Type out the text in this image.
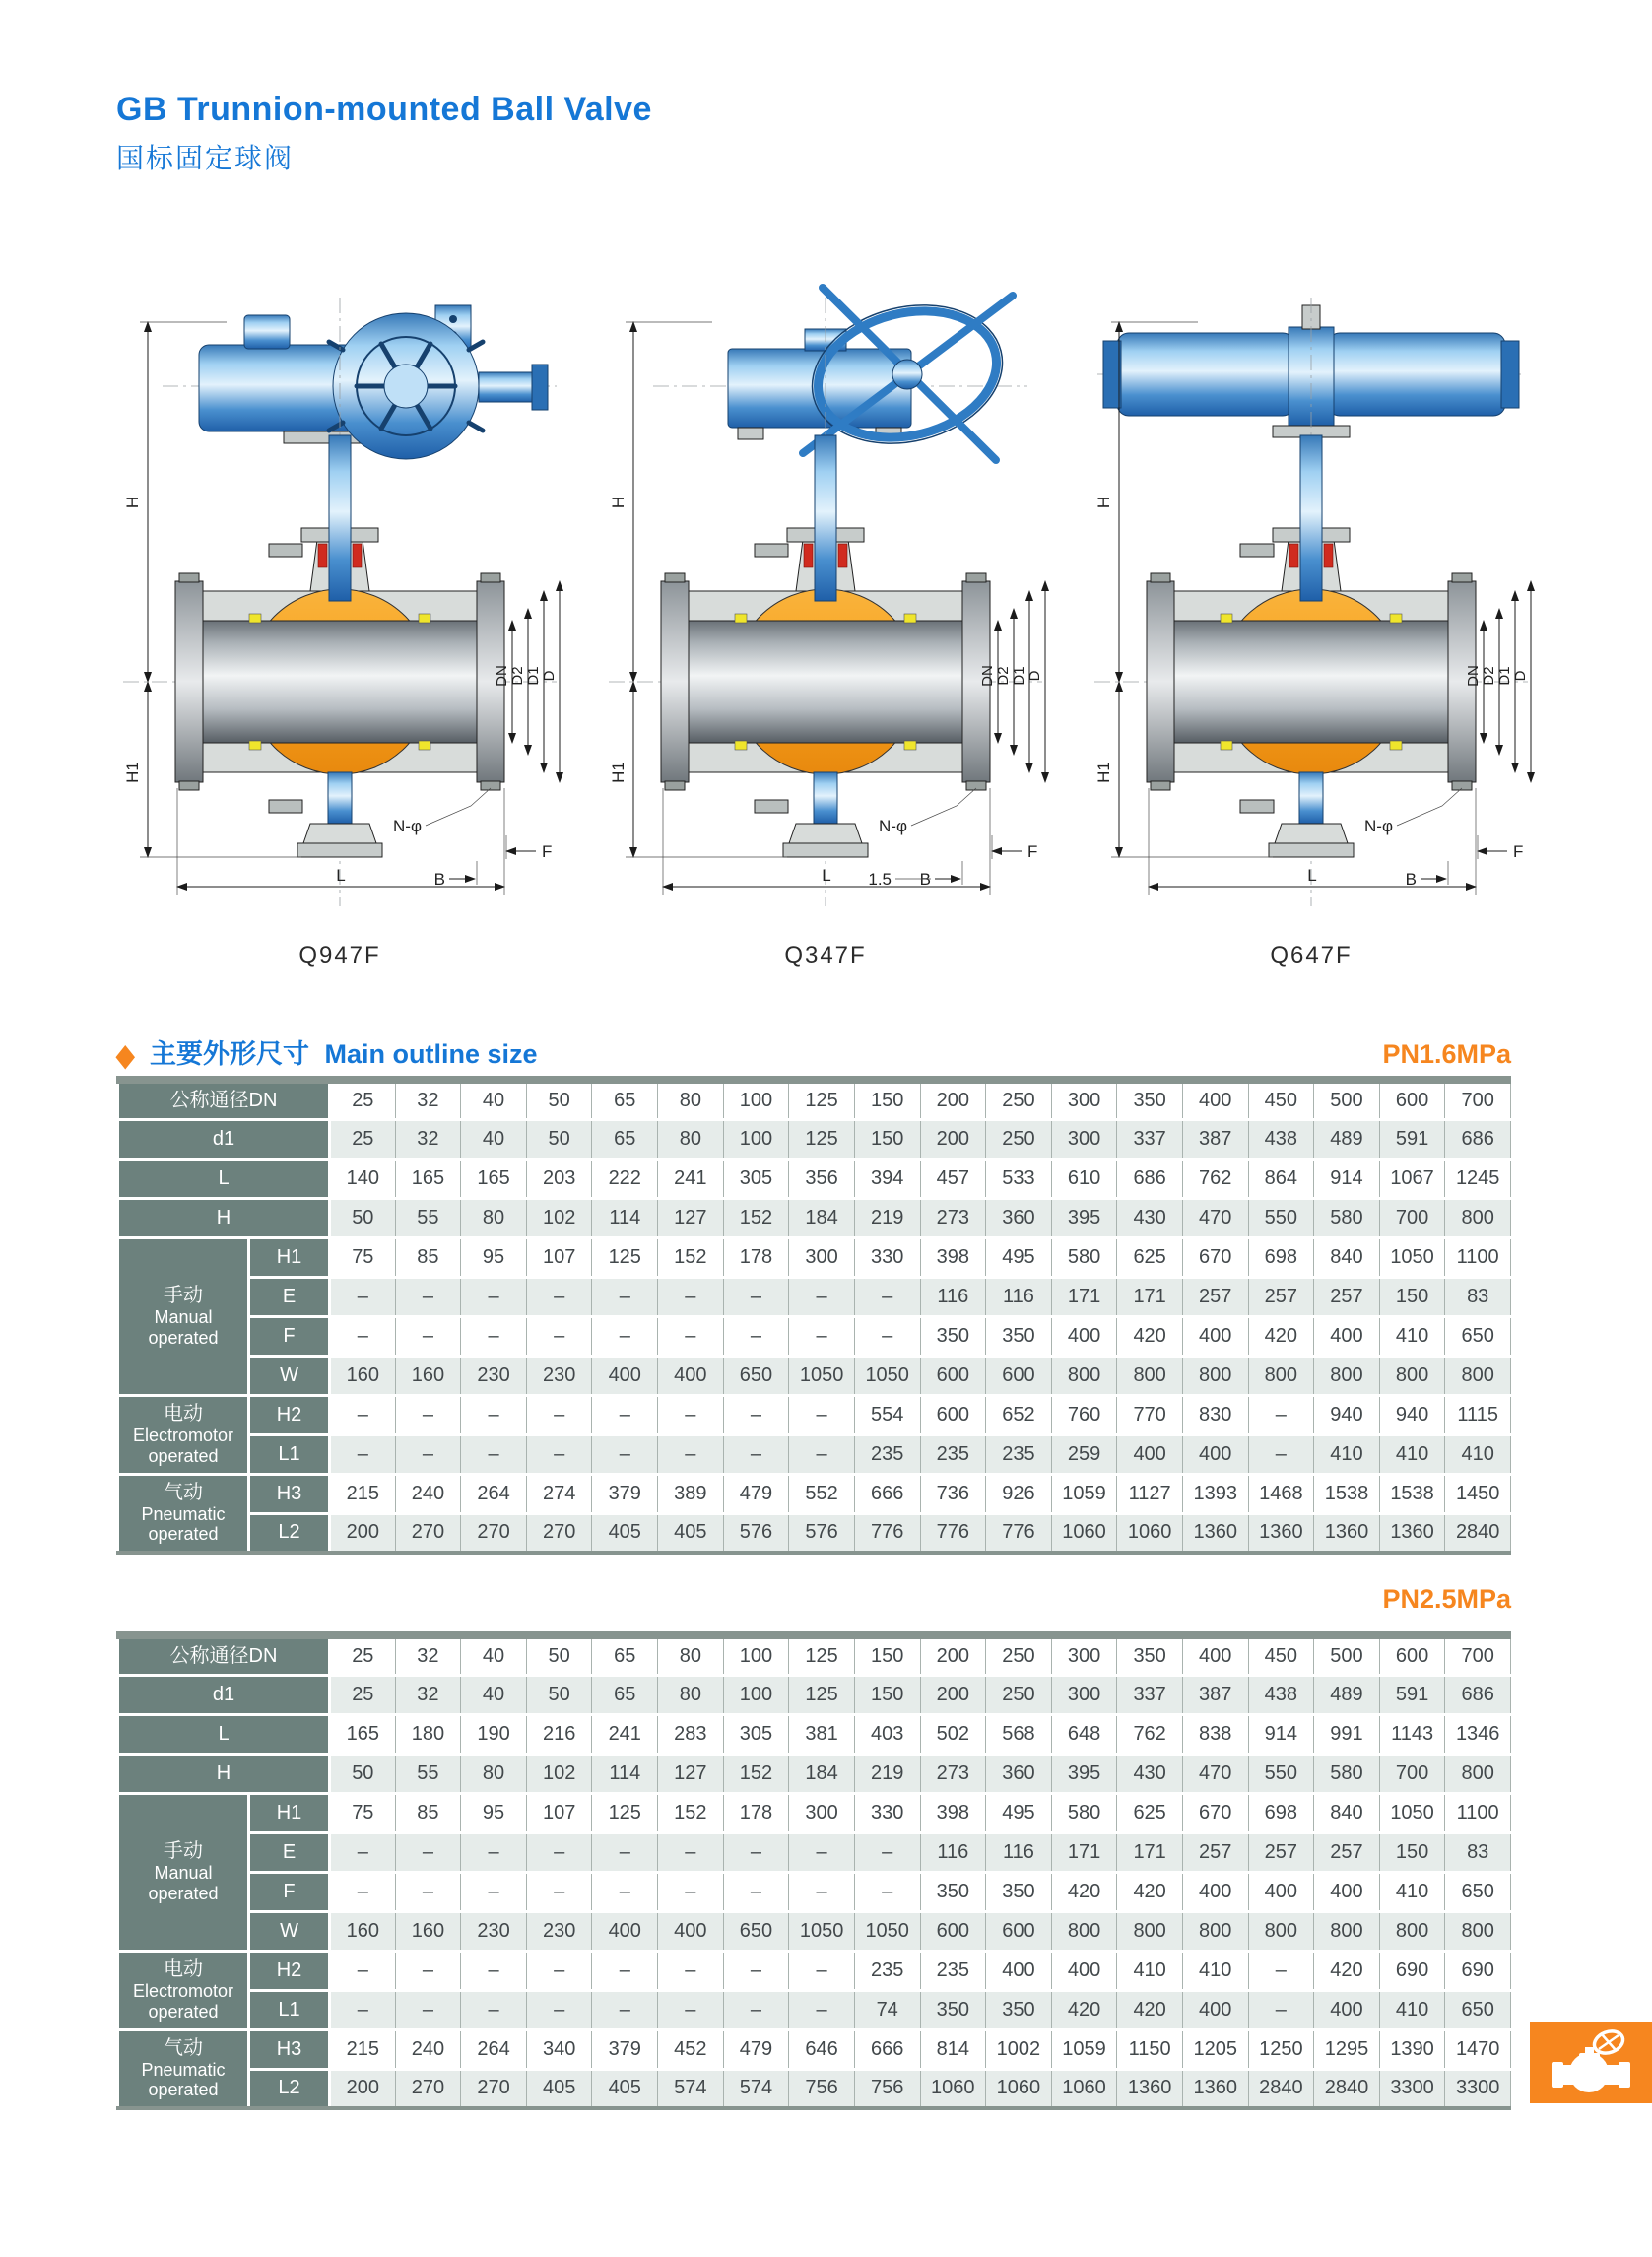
GB Trunnion-mounted Ball Valve
国标固定球阀
Q947F
1.5
Q347F	Q647F
◆ 主要外形尺寸 Main outline size	PN1.6MPa
公称通径DN		25	32	40	50	65	80	100	125	150	200	250	300	350	400	450	500	600	700
d1		25	32	40	50	65	80	100	125	150	200	250	300	337	387	438	489	591	686
L		140	165	165	203	222	241	305	356	394	457	533	610	686	762	864	914	1067	1245
H		50	55	80	102	114	127	152	184	219	273	360	395	430	470	550	580	700	800

手动
Manual operated	H1	75	85	95	107	125	152	178	300	330	398	495	580	625	670	698	840	1050	1100
	E	–	–	–	–	–	–	–	–	–	116	116	171	171	257	257	257	150	83
	F	–	–	–	–	–	–	–	–	–	350	350	400	420	400	420	400	410	650
	W	160	160	230	230	400	400	650	1050	1050	600	600	800	800	800	800	800	800	800

电动
Electromotor operated	H2	–	–	–	–	–	–	–	–	554	600	652	760	770	830	–	940	940	1115
	L1	–	–	–	–	–	–	–	–	235	235	235	259	400	400	–	410	410	410

气动
Pneumatic operated	H3	215	240	264	274	379	389	479	552	666	736	926	1059	1127	1393	1468	1538	1538	1450
	L2	200	270	270	270	405	405	576	576	776	776	776	1060	1060	1360	1360	1360	1360	2840
PN2.5MPa
公称通径DN		25	32	40	50	65	80	100	125	150	200	250	300	350	400	450	500	600	700
d1		25	32	40	50	65	80	100	125	150	200	250	300	337	387	438	489	591	686
L		165	180	190	216	241	283	305	381	403	502	568	648	762	838	914	991	1143	1346
H		50	55	80	102	114	127	152	184	219	273	360	395	430	470	550	580	700	800

手动
Manual operated	H1	75	85	95	107	125	152	178	300	330	398	495	580	625	670	698	840	1050	1100
	E	–	–	–	–	–	–	–	–	–	116	116	171	171	257	257	257	150	83
	F	–	–	–	–	–	–	–	–	–	350	350	420	420	400	400	400	410	650
	W	160	160	230	230	400	400	650	1050	1050	600	600	800	800	800	800	800	800	800

电动
Electromotor operated	H2	–	–	–	–	–	–	–	–	235	235	400	400	410	410	–	420	690	690
	L1	–	–	–	–	–	–	–	–	74	350	350	420	420	400	–	400	410	650

气动
Pneumatic operated	H3	215	240	264	340	379	452	479	646	666	814	1002	1059	1150	1205	1250	1295	1390	1470
	L2	200	270	270	405	405	574	574	756	756	1060	1060	1060	1360	1360	2840	2840	3300	3300
